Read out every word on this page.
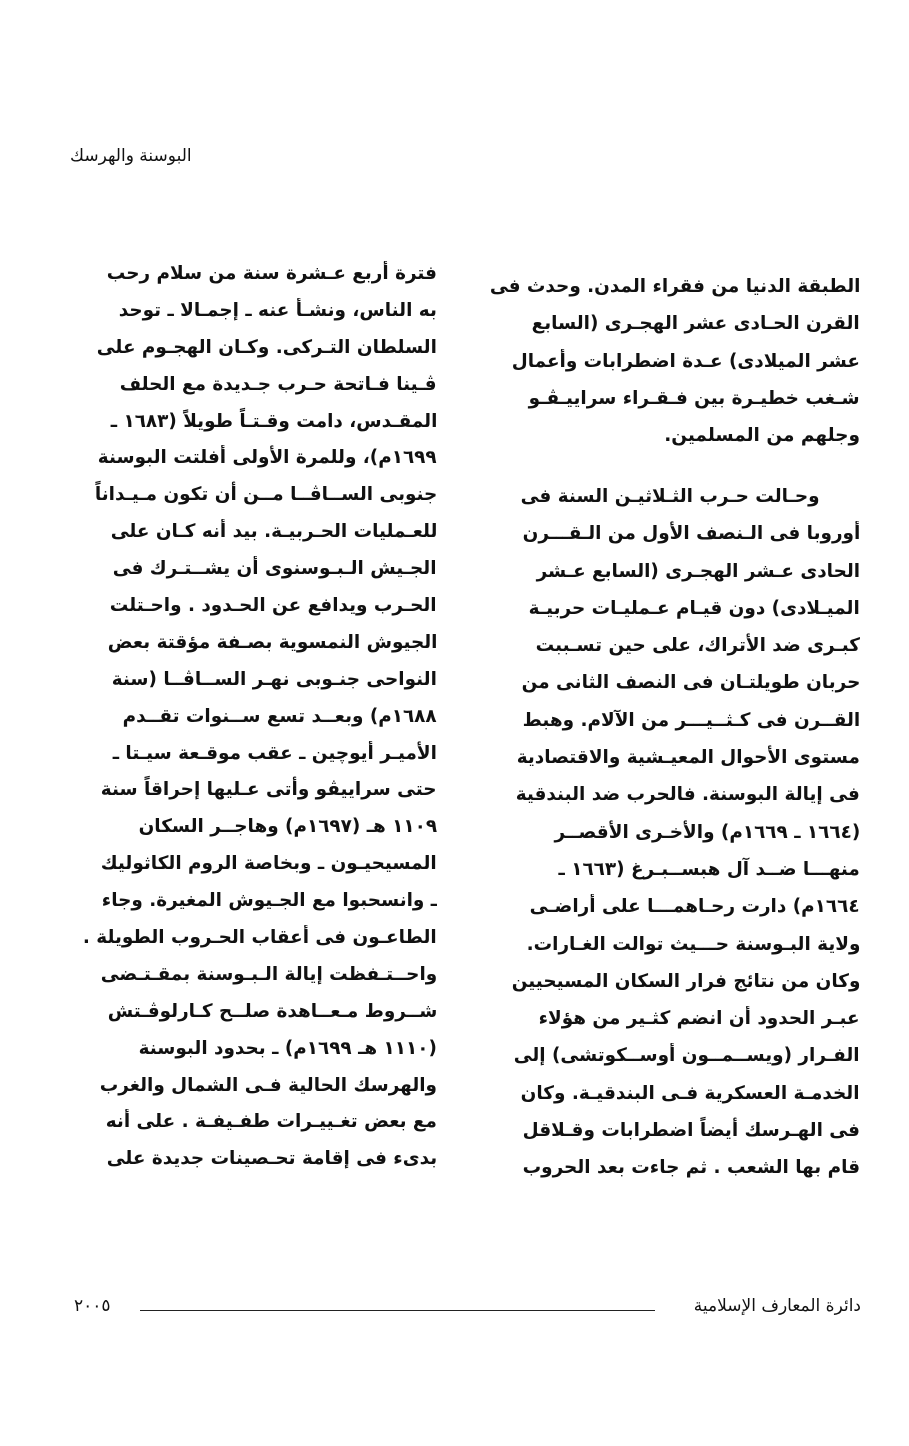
البوسنة والهرسك
الطبقة الدنيا من فقراء المدن. وحدث فى
القرن الحـادى عشر الهجـرى (السابع
عشر الميلادى) عـدة اضطرابات وأعمال
شـغب خطيـرة بين فـقـراء سراييـڤـو
وجلهم من المسلمين.
وحـالت حـرب الثـلاثيـن السنة فى
أوروبا فى الـنصف الأول من الـقـــرن
الحادى عـشر الهجـرى (السابع عـشر
الميـلادى) دون قيـام عـمليـات حربيـة
كبـرى ضد الأتراك، على حين تسـببت
حربان طويلتـان فى النصف الثانى من
القــرن فى كـثــيـــر من الآلام. وهبط
مستوى الأحوال المعيـشية والاقتصادية
فى إيالة البوسنة. فالحرب ضد البندقية
(١٦٦٤ ـ ١٦٦٩م) والأخـرى الأقصــر
منهـــا ضــد آل هبســبـرغ (١٦٦٣ ـ
١٦٦٤م) دارت رحـاهمـــا على أراضـى
ولاية البـوسنة حـــيث توالت الغـارات.
وكان من نتائج فرار السكان المسيحيين
عبـر الحدود أن انضم كثـير من هؤلاء
الفـرار (ويســمــون أوســكوتشى) إلى
الخدمـة العسكرية فـى البندقيـة. وكان
فى الهـرسك أيضاً اضطرابات وقـلاقل
قام بها الشعب . ثم جاءت بعد الحروب
فترة أربع عـشرة سنة من سلام رحب
به الناس، ونشـأ عنه ـ إجمـالا ـ توحد
السلطان التـركى. وكـان الهجـوم على
ڤـينا فـاتحة حـرب جـديدة مع الحلف
المقـدس، دامت وقـتـاً طويلاً (١٦٨٣ ـ
١٦٩٩م)، وللمرة الأولى أفلتت البوسنة
جنوبى الســاڤــا مــن أن تكون مـيـداناً
للعـمليات الحـربيـة. بيد أنه كـان على
الجـيش الـبـوسنوى أن يشــتـرك فى
الحـرب ويدافع عن الحـدود . واحـتلت
الجيوش النمسوية بصـفة مؤقتة بعض
النواحى جنـوبى نهـر الســاڤــا (سنة
١٦٨٨م) وبعــد تسع ســنوات تقــدم
الأميـر أيوچين ـ عقب موقـعة سيـتا ـ
حتى سراييڤو وأتى عـليها إحراقاً سنة
١١٠٩ هـ (١٦٩٧م) وهاجــر السكان
المسيحيـون ـ وبخاصة الروم الكاثوليك
ـ وانسحبوا مع الجـيوش المغيرة. وجاء
الطاعـون فى أعقاب الحـروب الطويلة .
واحــتـفظت إيالة الـبـوسنة بمقـتـضى
شــروط مـعــاهدة صلــح كـارلوڤـتش
(١١١٠ هـ ١٦٩٩م) ـ بحدود البوسنة
والهرسك الحالية فـى الشمال والغرب
مع بعض تغـييـرات طفـيفـة . على أنه
بدىء فى إقامة تحـصينات جديدة على
دائرة المعارف الإسلامية
٢٠٠٥
